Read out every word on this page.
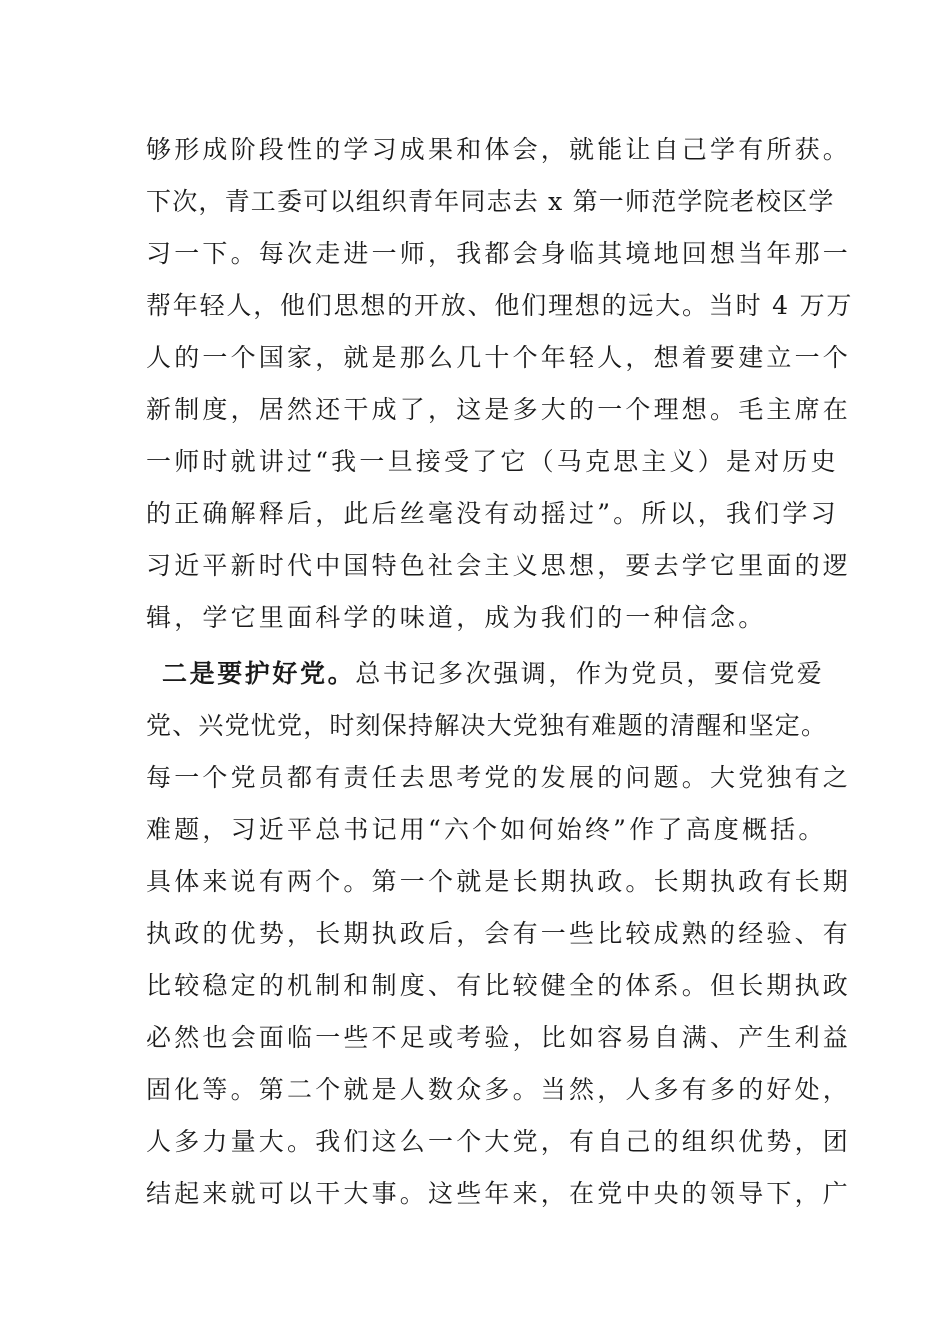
够形成阶段性的学习成果和体会，就能让自己学有所获。
下次，青工委可以组织青年同志去 x 第一师范学院老校区学
习一下。每次走进一师，我都会身临其境地回想当年那一
帮年轻人，他们思想的开放、他们理想的远大。当时 4 万万
人的一个国家，就是那么几十个年轻人，想着要建立一个
新制度，居然还干成了，这是多大的一个理想。毛主席在
一师时就讲过“我一旦接受了它（马克思主义）是对历史
的正确解释后，此后丝毫没有动摇过”。所以，我们学习
习近平新时代中国特色社会主义思想，要去学它里面的逻
辑，学它里面科学的味道，成为我们的一种信念。
二是要护好党。总书记多次强调，作为党员，要信党爱
党、兴党忧党，时刻保持解决大党独有难题的清醒和坚定。
每一个党员都有责任去思考党的发展的问题。大党独有之
难题，习近平总书记用“六个如何始终”作了高度概括。
具体来说有两个。第一个就是长期执政。长期执政有长期
执政的优势，长期执政后，会有一些比较成熟的经验、有
比较稳定的机制和制度、有比较健全的体系。但长期执政
必然也会面临一些不足或考验，比如容易自满、产生利益
固化等。第二个就是人数众多。当然，人多有多的好处，
人多力量大。我们这么一个大党，有自己的组织优势，团
结起来就可以干大事。这些年来，在党中央的领导下，广
